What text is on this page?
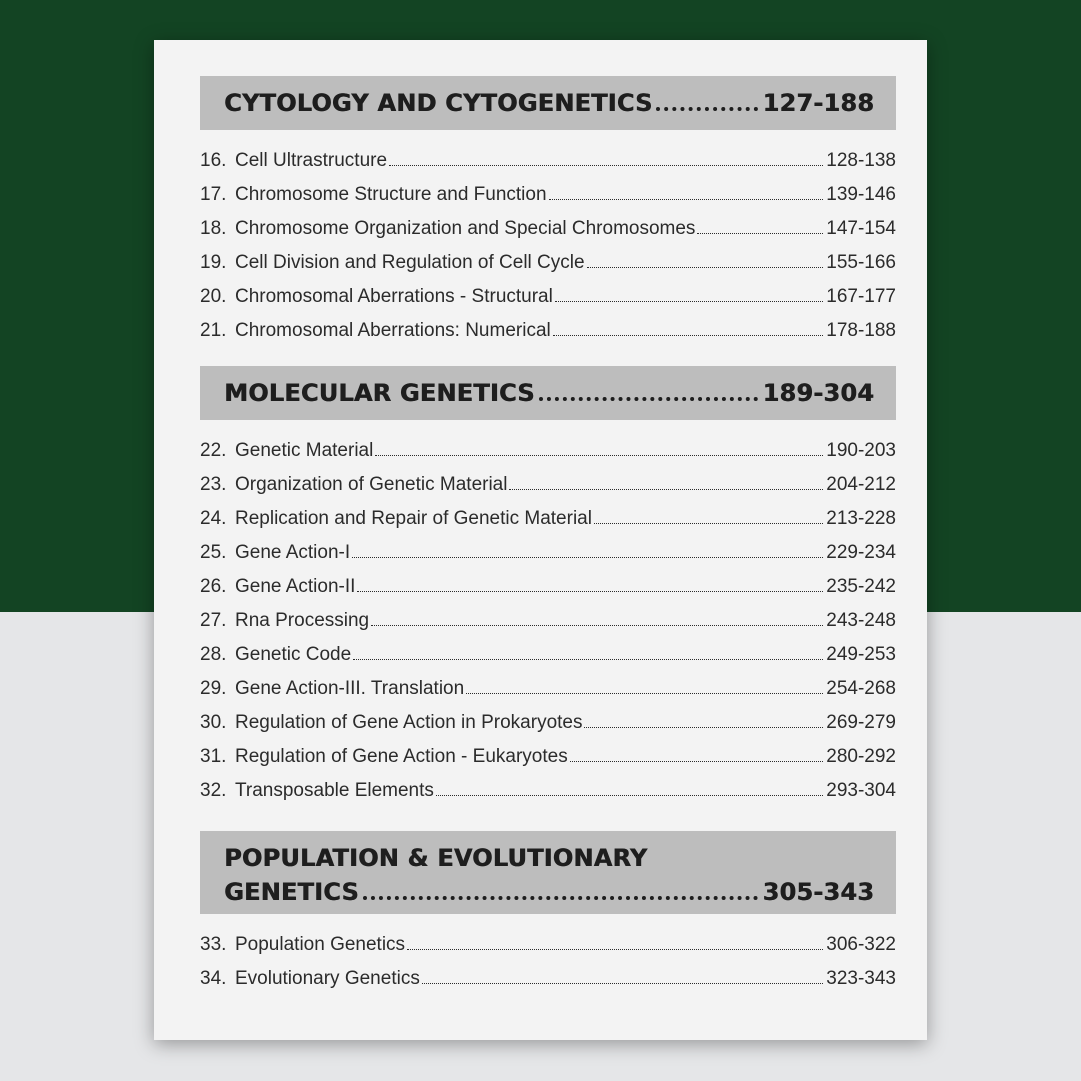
CYTOLOGY AND CYTOGENETICS	127-188
16. Cell Ultrastructure	128-138
17. Chromosome Structure and Function	139-146
18. Chromosome Organization and Special Chromosomes	147-154
19. Cell Division and Regulation of Cell Cycle	155-166
20. Chromosomal Aberrations - Structural	167-177
21. Chromosomal Aberrations: Numerical	178-188
MOLECULAR GENETICS	189-304
22. Genetic Material	190-203
23. Organization of Genetic Material	204-212
24. Replication and Repair of Genetic Material	213-228
25. Gene Action-I	229-234
26. Gene Action-II	235-242
27. Rna Processing	243-248
28. Genetic Code	249-253
29. Gene Action-III. Translation	254-268
30. Regulation of Gene Action in Prokaryotes	269-279
31. Regulation of Gene Action - Eukaryotes	280-292
32. Transposable Elements	293-304
POPULATION & EVOLUTIONARY
GENETICS	305-343
33. Population Genetics	306-322
34. Evolutionary Genetics	323-343
